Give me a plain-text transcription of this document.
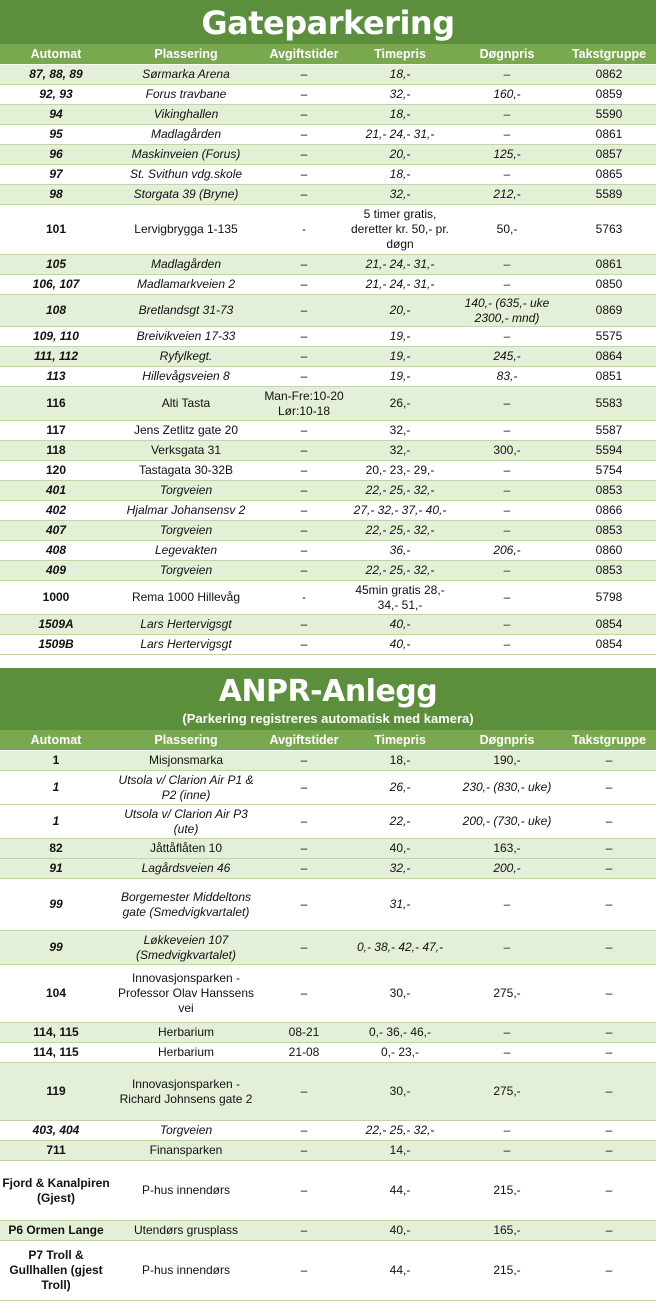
Gateparkering
Automat	Plassering	Avgiftstider	Timepris	Døgnpris	Takstgruppe
87, 88, 89	Sørmarka Arena	–	18,-	–	0862
92, 93	Forus travbane	–	32,-	160,-	0859
94	Vikinghallen	–	18,-	–	5590
95	Madlagården	–	21,- 24,- 31,-	–	0861
96	Maskinveien (Forus)	–	20,-	125,-	0857
97	St. Svithun vdg.skole	–	18,-	–	0865
98	Storgata 39 (Bryne)	–	32,-	212,-	5589
101	Lervigbrygga 1-135	-	5 timer gratis, deretter kr. 50,- pr. døgn	50,-	5763
105	Madlagården	–	21,- 24,- 31,-	–	0861
106, 107	Madlamarkveien 2	–	21,- 24,- 31,-	–	0850
108	Bretlandsgt 31-73	–	20,-	140,- (635,- uke 2300,- mnd)	0869
109, 110	Breivikveien 17-33	–	19,-	–	5575
111, 112	Ryfylkegt.	–	19,-	245,-	0864
113	Hillevågsveien 8	–	19,-	83,-	0851
116	Alti Tasta	Man-Fre:10-20 Lør:10-18	26,-	–	5583
117	Jens Zetlitz gate 20	–	32,-	–	5587
118	Verksgata 31	–	32,-	300,-	5594
120	Tastagata 30-32B	–	20,- 23,- 29,-	–	5754
401	Torgveien	–	22,- 25,- 32,-	–	0853
402	Hjalmar Johansensv 2	–	27,- 32,- 37,- 40,-	–	0866
407	Torgveien	–	22,- 25,- 32,-	–	0853
408	Legevakten	–	36,-	206,-	0860
409	Torgveien	–	22,- 25,- 32,-	–	0853
1000	Rema 1000 Hillevåg	-	45min gratis 28,- 34,- 51,-	–	5798
1509A	Lars Hertervigsgt	–	40,-	–	0854
1509B	Lars Hertervigsgt	–	40,-	–	0854
ANPR-Anlegg
(Parkering registreres automatisk med kamera)
Automat	Plassering	Avgiftstider	Timepris	Døgnpris	Takstgruppe
1	Misjonsmarka	–	18,-	190,-	–
1	Utsola v/ Clarion Air P1 & P2 (inne)	–	26,-	230,- (830,- uke)	–
1	Utsola v/ Clarion Air P3 (ute)	–	22,-	200,- (730,- uke)	–
82	Jåttåflåten 10	–	40,-	163,-	–
91	Lagårdsveien 46	–	32,-	200,-	–
99	Borgemester Middeltons gate (Smedvigkvartalet)	–	31,-	–	–
99	Løkkeveien 107 (Smedvigkvartalet)	–	0,- 38,- 42,- 47,-	–	–
104	Innovasjonsparken - Professor Olav Hanssens vei	–	30,-	275,-	–
114, 115	Herbarium	08-21	0,- 36,- 46,-	–	–
114, 115	Herbarium	21-08	0,- 23,-	–	–
119	Innovasjonsparken - Richard Johnsens gate 2	–	30,-	275,-	–
403, 404	Torgveien	–	22,- 25,- 32,-	–	–
711	Finansparken	–	14,-	–	–
Fjord & Kanalpiren (Gjest)	P-hus innendørs	–	44,-	215,-	–
P6 Ormen Lange	Utendørs grusplass	–	40,-	165,-	–
P7 Troll & Gullhallen (gjest Troll)	P-hus innendørs	–	44,-	215,-	–
